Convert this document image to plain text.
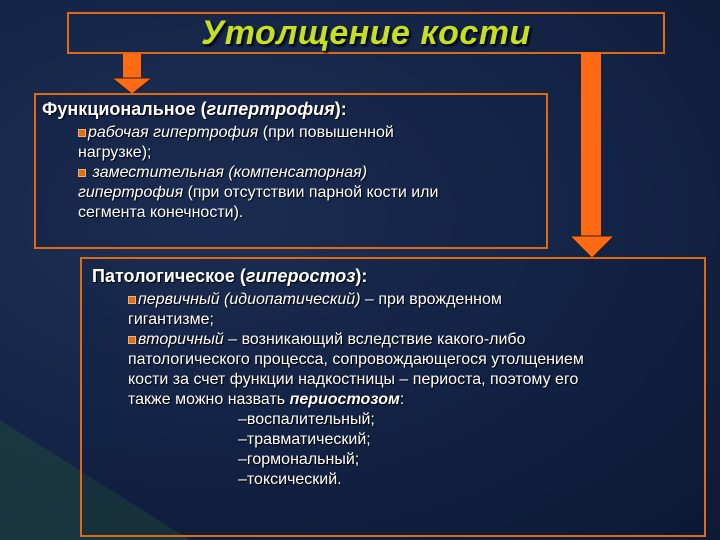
Утолщение кости
Функциональное (гипертрофия):

рабочая гипертрофия (при повышенной

нагрузке);

заместительная (компенсаторная)

гипертрофия (при отсутствии парной кости или

сегмента конечности).

Патологическое (гиперостоз):

первичный (идиопатический) – при врожденном

гигантизме;

вторичный – возникающий вследствие какого-либо

патологического процесса, сопровождающегося утолщением

кости за счет функции надкостницы – периоста, поэтому его

также можно назвать периостозом:

–воспалительный;

–травматический;

–гормональный;

–токсический.
